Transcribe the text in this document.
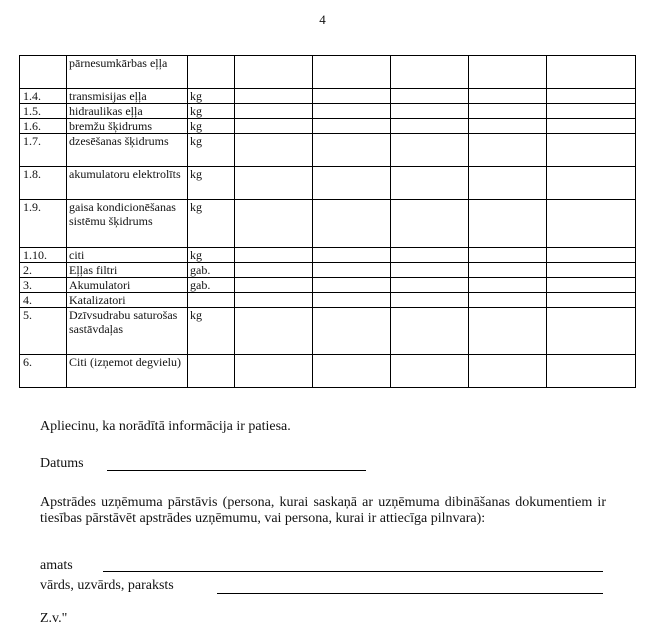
4
	pārnesumkārbas eļļa						
1.4.	transmisijas eļļa	kg					
1.5.	hidraulikas eļļa	kg					
1.6.	bremžu šķidrums	kg					
1.7.	dzesēšanas šķidrums	kg					
1.8.	akumulatoru elektrolīts	kg					
1.9.	gaisa kondicionēšanas sistēmu šķidrums	kg					
1.10.	citi	kg					
2.	Eļļas filtri	gab.					
3.	Akumulatori	gab.					
4.	Katalizatori						
5.	Dzīvsudrabu saturošas sastāvdaļas	kg					
6.	Citi (izņemot degvielu)						
Apliecinu, ka norādītā informācija ir patiesa.
Datums
Apstrādes uzņēmuma pārstāvis (persona, kurai saskaņā ar uzņēmuma dibināšanas dokumentiem ir tiesības pārstāvēt apstrādes uzņēmumu, vai persona, kurai ir attiecīga pilnvara):
amats
vārds, uzvārds, paraksts
Z.v."
